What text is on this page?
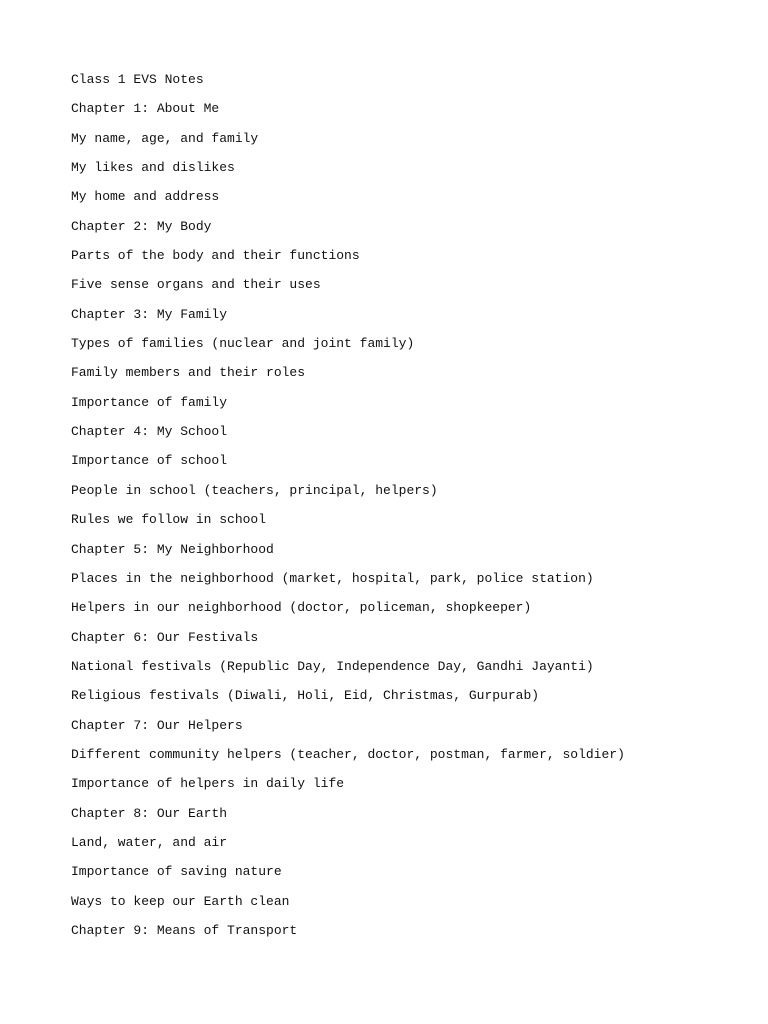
Class 1 EVS Notes
Chapter 1: About Me
My name, age, and family
My likes and dislikes
My home and address
Chapter 2: My Body
Parts of the body and their functions
Five sense organs and their uses
Chapter 3: My Family
Types of families (nuclear and joint family)
Family members and their roles
Importance of family
Chapter 4: My School
Importance of school
People in school (teachers, principal, helpers)
Rules we follow in school
Chapter 5: My Neighborhood
Places in the neighborhood (market, hospital, park, police station)
Helpers in our neighborhood (doctor, policeman, shopkeeper)
Chapter 6: Our Festivals
National festivals (Republic Day, Independence Day, Gandhi Jayanti)
Religious festivals (Diwali, Holi, Eid, Christmas, Gurpurab)
Chapter 7: Our Helpers
Different community helpers (teacher, doctor, postman, farmer, soldier)
Importance of helpers in daily life
Chapter 8: Our Earth
Land, water, and air
Importance of saving nature
Ways to keep our Earth clean
Chapter 9: Means of Transport
